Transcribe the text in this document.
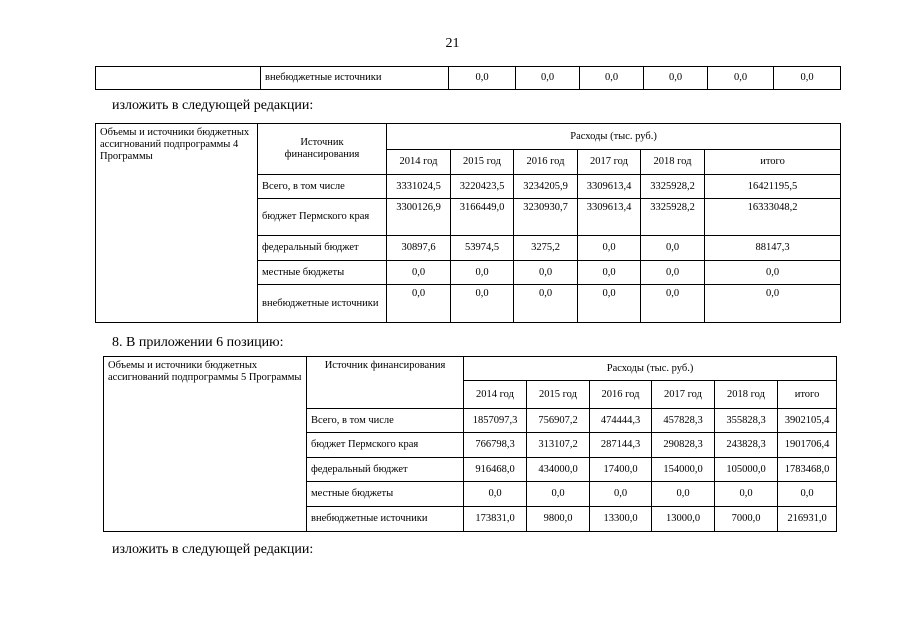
21
	внебюджетные источники	0,0	0,0	0,0	0,0	0,0	0,0
изложить в следующей редакции:
Объемы и источники бюджетных ассигнований подпрограммы 4 Программы	Источник финансирования	Расходы (тыс. руб.)					
		2014 год	2015 год	2016 год	2017 год	2018 год	итого
	Всего, в том числе	3331024,5	3220423,5	3234205,9	3309613,4	3325928,2	16421195,5
	бюджет Пермского края	3300126,9	3166449,0	3230930,7	3309613,4	3325928,2	16333048,2
	федеральный бюджет	30897,6	53974,5	3275,2	0,0	0,0	88147,3
	местные бюджеты	0,0	0,0	0,0	0,0	0,0	0,0
	внебюджетные источники	0,0	0,0	0,0	0,0	0,0	0,0
8. В приложении 6 позицию:
Объемы и источники бюджетных ассигнований подпрограммы 5 Программы	Источник финансирования	Расходы (тыс. руб.)					
		2014 год	2015 год	2016 год	2017 год	2018 год	итого
	Всего, в том числе	1857097,3	756907,2	474444,3	457828,3	355828,3	3902105,4
	бюджет Пермского края	766798,3	313107,2	287144,3	290828,3	243828,3	1901706,4
	федеральный бюджет	916468,0	434000,0	17400,0	154000,0	105000,0	1783468,0
	местные бюджеты	0,0	0,0	0,0	0,0	0,0	0,0
	внебюджетные источники	173831,0	9800,0	13300,0	13000,0	7000,0	216931,0
изложить в следующей редакции:
